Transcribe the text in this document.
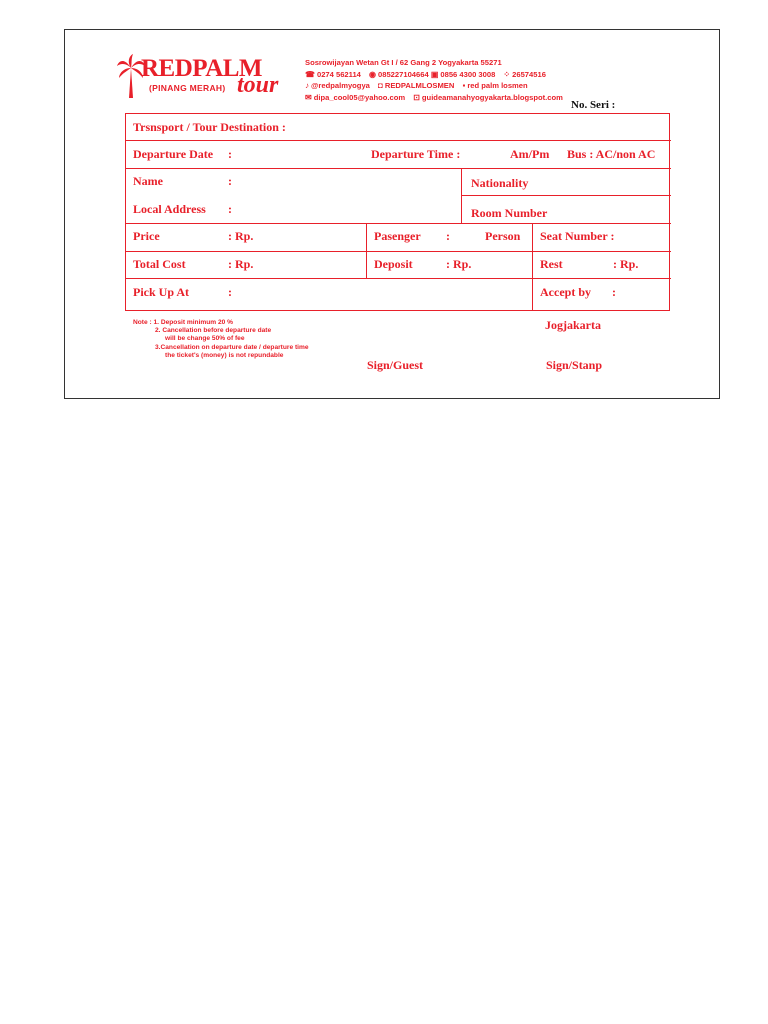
REDPALM
(PINANG MERAH) tour
Sosrowijayan Wetan Gt I / 62 Gang 2 Yogyakarta 55271
☎ 0274 562114 ◉ 085227104664 ▣ 0856 4300 3008 ⁘ 26574516
♪ @redpalmyogya ◘ REDPALMLOSMEN ▪ red palm losmen
✉ dipa_cool05@yahoo.com ⊡ guideamanahyogyakarta.blogspot.com
No. Seri :
Trsnsport / Tour Destination :
Departure Date :	Departure Time :	Am/Pm Bus : AC/non AC
Name	:	Nationality
Local Address :	Room Number
Price	: Rp.	Pasenger :	Person Seat Number :
Total Cost	: Rp.	Deposit	: Rp.	Rest	: Rp.
Pick Up At	:	Accept by :
Note : 1. Deposit minimum 20 %
2. Cancellation before departure date
will be change 50% of fee
3.Cancellation on departure date / departure time
the ticket's (money) is not repundable
Jogjakarta
Sign/Guest	Sign/Stanp
